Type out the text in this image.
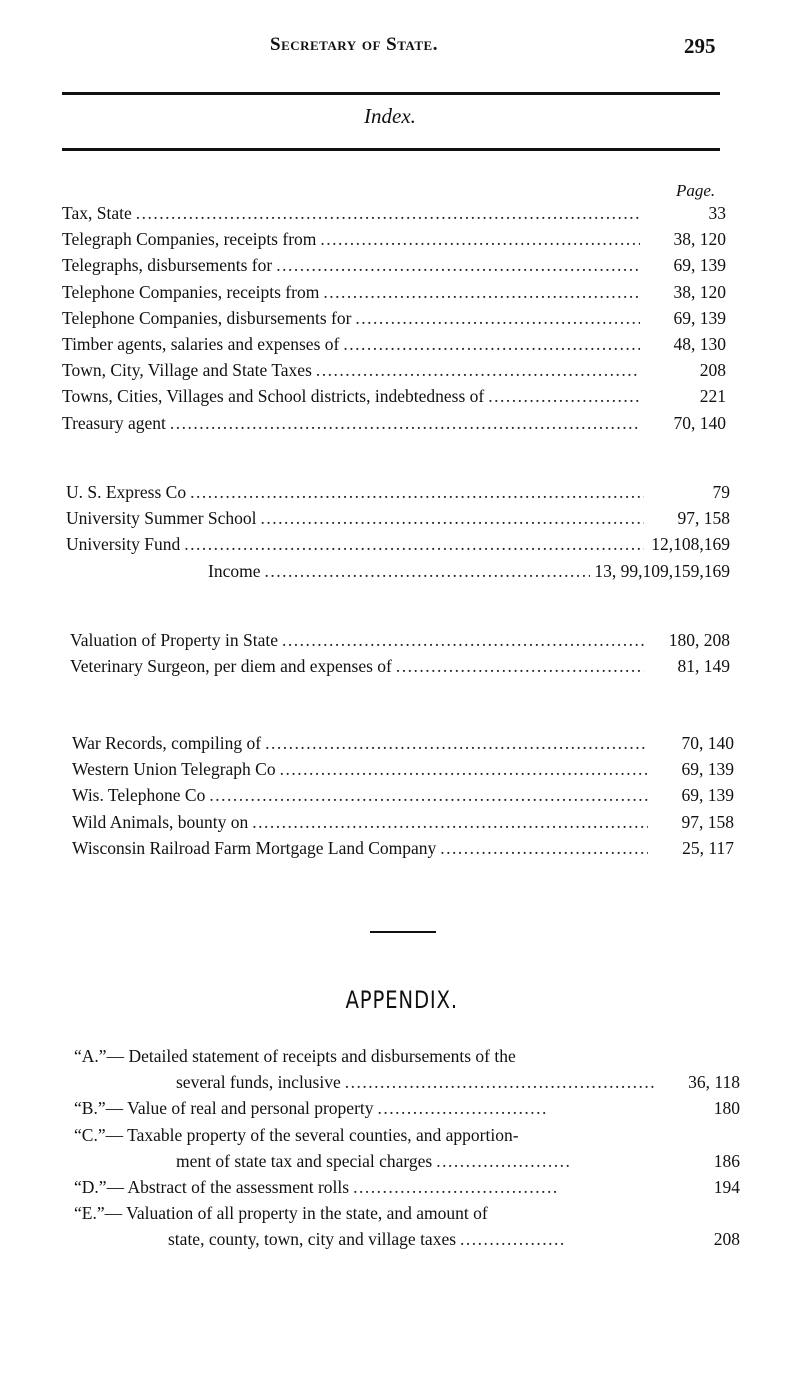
Secretary of State.	295
Index.
Page.
Tax, State .....	33
Telegraph Companies, receipts from .....	38, 120
Telegraphs, disbursements for .....	69, 139
Telephone Companies, receipts from .....	38, 120
Telephone Companies, disbursements for .....	69, 139
Timber agents, salaries and expenses of .....	48, 130
Town, City, Village and State Taxes .....	208
Towns, Cities, Villages and School districts, indebtedness of .....	221
Treasury agent .....	70, 140
U. S. Express Co .....	79
University Summer School .....	97, 158
University Fund .....	12,108,169
Income .....	13, 99,109,159,169
Valuation of Property in State .....	180, 208
Veterinary Surgeon, per diem and expenses of .....	81, 149
War Records, compiling of .....	70, 140
Western Union Telegraph Co .....	69, 139
Wis. Telephone Co .....	69, 139
Wild Animals, bounty on .....	97, 158
Wisconsin Railroad Farm Mortgage Land Company .....	25, 117
APPENDIX.
“A.” — Detailed statement of receipts and disbursements of the
several funds, inclusive .....	36, 118
“B.” — Value of real and personal property .....	180
“C.” — Taxable property of the several counties, and apportion-
ment of state tax and special charges .....	186
“D.” — Abstract of the assessment rolls .....	194
“E.” — Valuation of all property in the state, and amount of
state, county, town, city and village taxes .....	208
